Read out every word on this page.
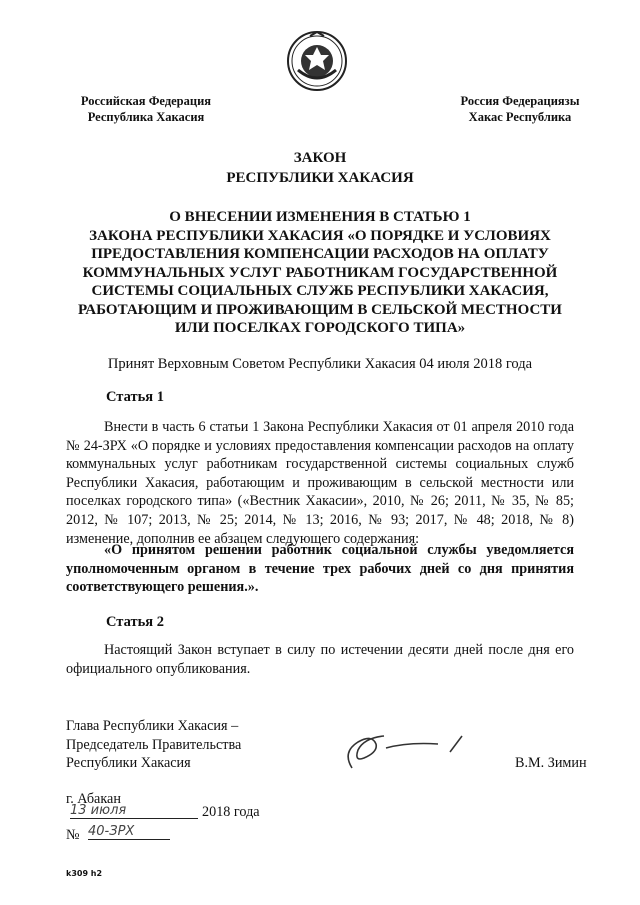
Российская Федерация
Республика Хакасия
Россия Федерациязы
Хакас Республика
ЗАКОН
РЕСПУБЛИКИ ХАКАСИЯ
О ВНЕСЕНИИ ИЗМЕНЕНИЯ В СТАТЬЮ 1
ЗАКОНА РЕСПУБЛИКИ ХАКАСИЯ «О ПОРЯДКЕ И УСЛОВИЯХ
ПРЕДОСТАВЛЕНИЯ КОМПЕНСАЦИИ РАСХОДОВ НА ОПЛАТУ
КОММУНАЛЬНЫХ УСЛУГ РАБОТНИКАМ ГОСУДАРСТВЕННОЙ
СИСТЕМЫ СОЦИАЛЬНЫХ СЛУЖБ РЕСПУБЛИКИ ХАКАСИЯ,
РАБОТАЮЩИМ И ПРОЖИВАЮЩИМ В СЕЛЬСКОЙ МЕСТНОСТИ
ИЛИ ПОСЕЛКАХ ГОРОДСКОГО ТИПА»
Принят Верховным Советом Республики Хакасия 04 июля 2018 года
Статья 1
Внести в часть 6 статьи 1 Закона Республики Хакасия от 01 апреля 2010 года № 24-ЗРХ «О порядке и условиях предоставления компенсации расходов на оплату коммунальных услуг работникам государственной системы социальных служб Республики Хакасия, работающим и проживающим в сельской местности или поселках городского типа» («Вестник Хакасии», 2010, № 26; 2011, № 35, № 85; 2012, № 107; 2013, № 25; 2014, № 13; 2016, № 93; 2017, № 48; 2018, № 8) изменение, дополнив ее абзацем следующего содержания:
«О принятом решении работник социальной службы уведомляется уполномоченным органом в течение трех рабочих дней со дня принятия соответствующего решения.».
Статья 2
Настоящий Закон вступает в силу по истечении десяти дней после дня его официального опубликования.
Глава Республики Хакасия –
Председатель Правительства
Республики Хакасия	В.М. Зимин
г. Абакан
13 июля	2018 года
№ 40-ЗРХ
k309 h2
